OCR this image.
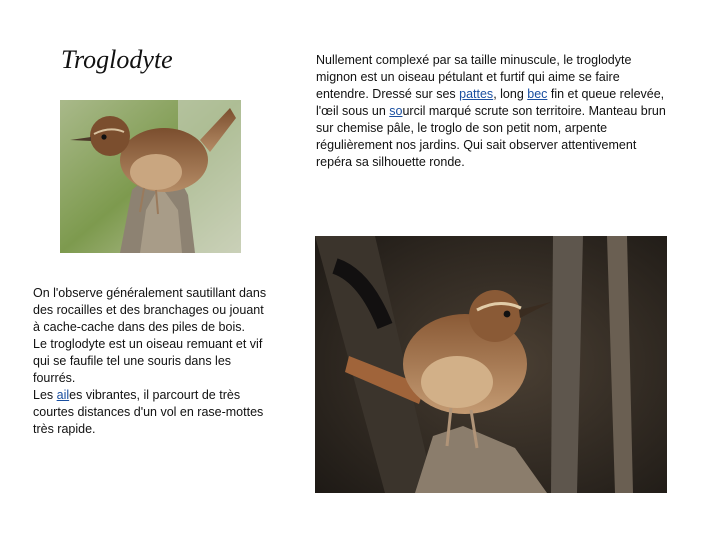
Troglodyte

On l'observe généralement sautillant dans des rocailles et des branchages ou jouant à cache-cache dans des piles de bois.

Le troglodyte est un oiseau remuant et vif qui se faufile tel une souris dans les fourrés.

Les ailes vibrantes, il parcourt de très courtes distances d'un vol en rase-mottes très rapide.

Nullement complexé par sa taille minuscule, le troglodyte mignon est un oiseau pétulant et furtif qui aime se faire entendre. Dressé sur ses pattes, long bec fin et queue relevée, l'œil sous un sourcil marqué scrute son territoire. Manteau brun sur chemise pâle, le troglo de son petit nom, arpente régulièrement nos jardins. Qui sait observer attentivement repéra sa silhouette ronde.
